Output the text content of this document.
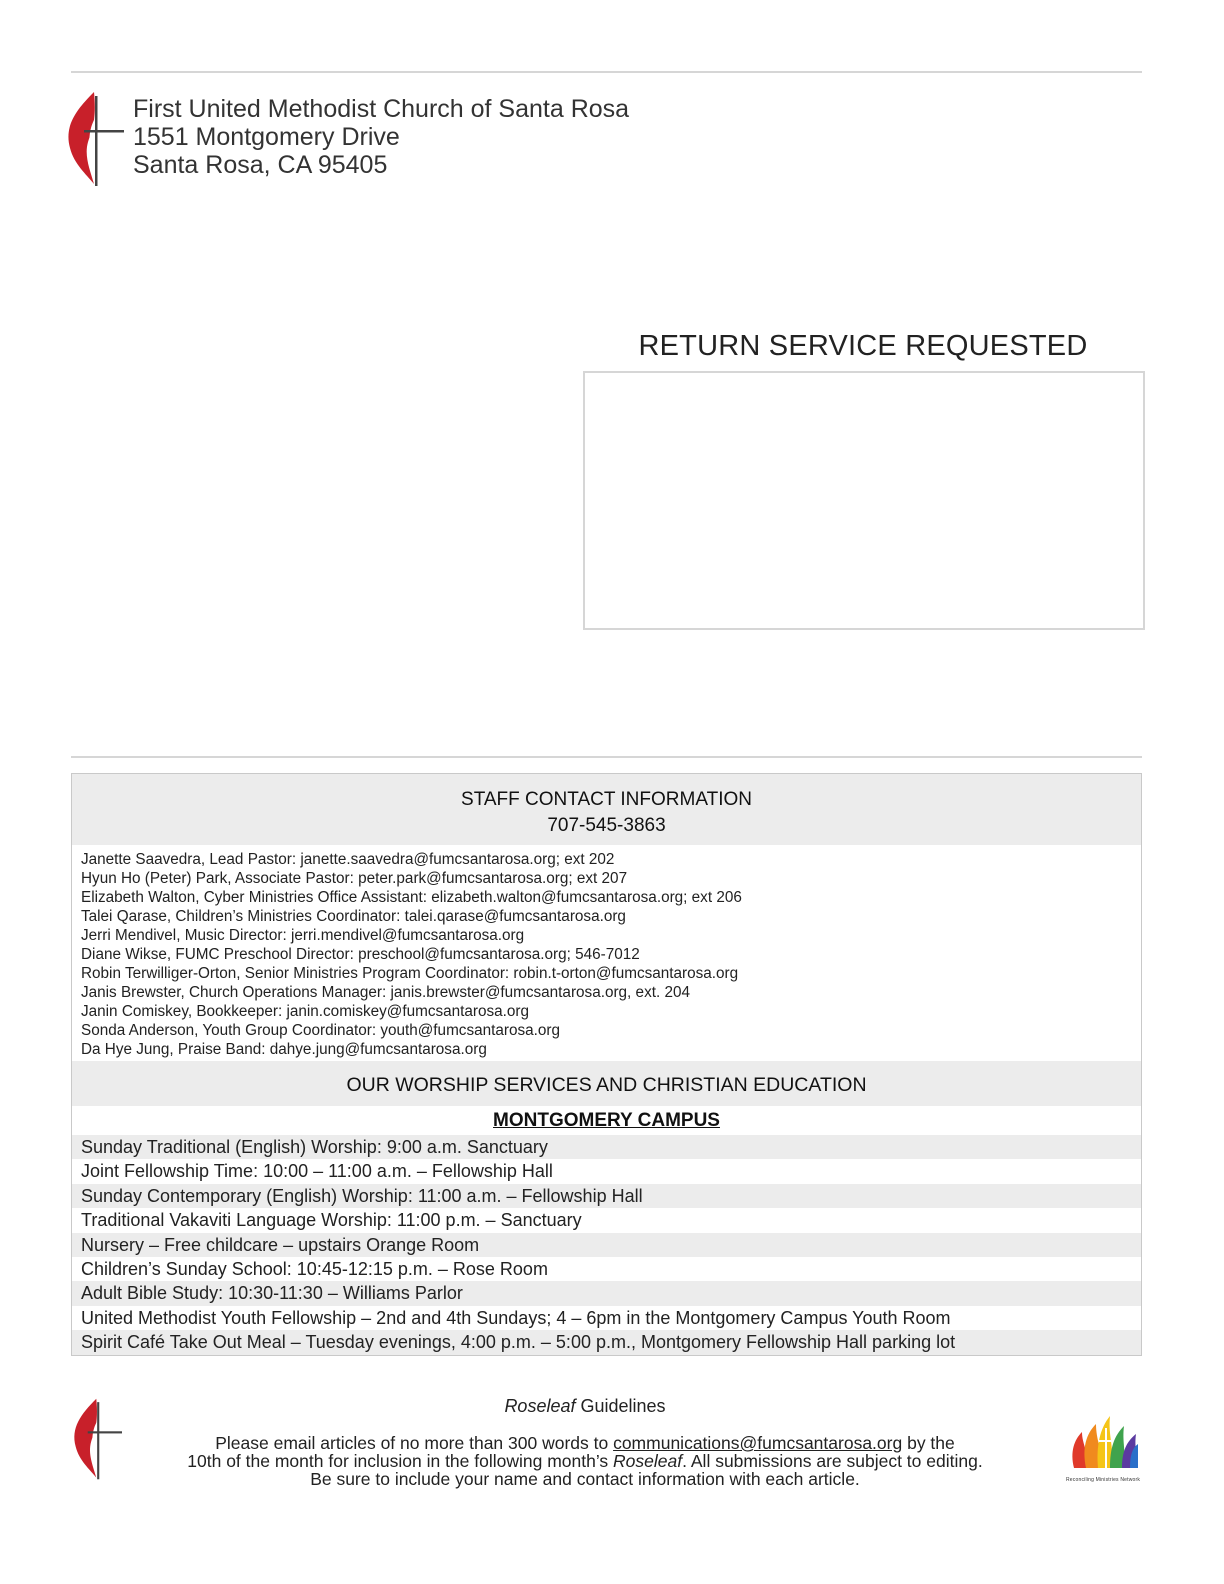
First United Methodist Church of Santa Rosa
1551 Montgomery Drive
Santa Rosa, CA 95405
RETURN SERVICE REQUESTED
STAFF CONTACT INFORMATION
707-545-3863
Janette Saavedra, Lead Pastor: janette.saavedra@fumcsantarosa.org; ext 202
Hyun Ho (Peter) Park, Associate Pastor: peter.park@fumcsantarosa.org; ext 207
Elizabeth Walton, Cyber Ministries Office Assistant: elizabeth.walton@fumcsantarosa.org; ext 206
Talei Qarase, Children’s Ministries Coordinator: talei.qarase@fumcsantarosa.org
Jerri Mendivel, Music Director: jerri.mendivel@fumcsantarosa.org
Diane Wikse, FUMC Preschool Director: preschool@fumcsantarosa.org; 546-7012
Robin Terwilliger-Orton, Senior Ministries Program Coordinator: robin.t-orton@fumcsantarosa.org
Janis Brewster, Church Operations Manager: janis.brewster@fumcsantarosa.org, ext. 204
Janin Comiskey, Bookkeeper: janin.comiskey@fumcsantarosa.org
Sonda Anderson, Youth Group Coordinator: youth@fumcsantarosa.org
Da Hye Jung, Praise Band: dahye.jung@fumcsantarosa.org
OUR WORSHIP SERVICES AND CHRISTIAN EDUCATION
MONTGOMERY CAMPUS
Sunday Traditional (English) Worship: 9:00 a.m. Sanctuary
Joint Fellowship Time: 10:00 – 11:00 a.m. – Fellowship Hall
Sunday Contemporary (English) Worship: 11:00 a.m. – Fellowship Hall
Traditional Vakaviti Language Worship: 11:00 p.m. – Sanctuary
Nursery – Free childcare – upstairs Orange Room
Children’s Sunday School: 10:45-12:15 p.m. – Rose Room
Adult Bible Study: 10:30-11:30 – Williams Parlor
United Methodist Youth Fellowship – 2nd and 4th Sundays; 4 – 6pm in the Montgomery Campus Youth Room
Spirit Café Take Out Meal – Tuesday evenings, 4:00 p.m. – 5:00 p.m., Montgomery Fellowship Hall parking lot
Roseleaf Guidelines
Please email articles of no more than 300 words to communications@fumcsantarosa.org by the
10th of the month for inclusion in the following month’s Roseleaf. All submissions are subject to editing.
Be sure to include your name and contact information with each article.	Reconciling Ministries Network
